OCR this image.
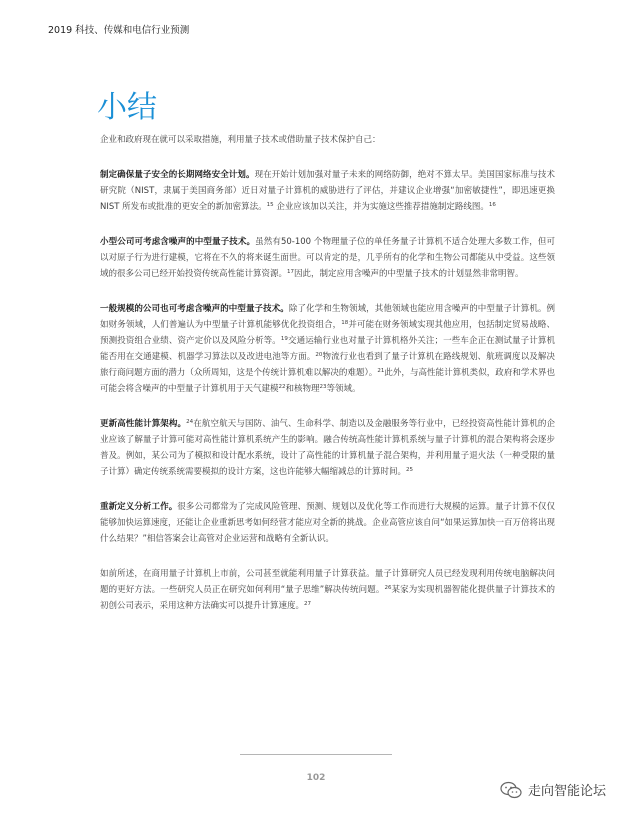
2019 科技、传媒和电信行业预测
小结

企业和政府现在就可以采取措施，利用量子技术或借助量子技术保护自己：

制定确保量子安全的长期网络安全计划。现在开始计划加强对量子未来的网络防御，绝对不算太早。美国国家标准与技术研究院（NIST，隶属于美国商务部）近日对量子计算机的威胁进行了评估，并建议企业增强“加密敏捷性”，即迅速更换 NIST 所发布或批准的更安全的新加密算法。$^{15}$ 企业应该加以关注，并为实施这些推荐措施制定路线图。$^{16}$

小型公司可考虑含噪声的中型量子技术。虽然有50-100 个物理量子位的单任务量子计算机不适合处理大多数工作，但可以对原子行为进行建模，它将在不久的将来诞生面世。可以肯定的是，几乎所有的化学和生物公司都能从中受益。这些领域的很多公司已经开始投资传统高性能计算资源。$^{17}$因此，制定应用含噪声的中型量子技术的计划显然非常明智。

一般规模的公司也可考虑含噪声的中型量子技术。除了化学和生物领域，其他领域也能应用含噪声的中型量子计算机。例如财务领域，人们普遍认为中型量子计算机能够优化投资组合，$^{18}$并可能在财务领域实现其他应用，包括制定贸易战略、预测投资组合业绩、资产定价以及风险分析等。$^{19}$交通运输行业也对量子计算机格外关注；一些车企正在测试量子计算机能否用在交通建模、机器学习算法以及改进电池等方面。$^{20}$物流行业也看到了量子计算机在路线规划、航班调度以及解决旅行商问题方面的潜力（众所周知，这是个传统计算机难以解决的难题）。$^{21}$此外，与高性能计算机类似，政府和学术界也可能会将含噪声的中型量子计算机用于天气建模$^{22}$和核物理$^{23}$等领域。

更新高性能计算架构。$^{24}$在航空航天与国防、油气、生命科学、制造以及金融服务等行业中，已经投资高性能计算机的企业应该了解量子计算可能对高性能计算机系统产生的影响。融合传统高性能计算机系统与量子计算机的混合架构将会逐步普及。例如，某公司为了模拟和设计配水系统，设计了高性能的计算机量子混合架构，并利用量子退火法（一种受限的量子计算）确定传统系统需要模拟的设计方案，这也许能够大幅缩减总的计算时间。$^{25}$

重新定义分析工作。很多公司都常为了完成风险管理、预测、规划以及优化等工作而进行大规模的运算。量子计算不仅仅能够加快运算速度，还能让企业重新思考如何经营才能应对全新的挑战。企业高管应该自问“如果运算加快一百万倍将出现什么结果？”相信答案会让高管对企业运营和战略有全新认识。

如前所述，在商用量子计算机上市前，公司甚至就能利用量子计算获益。量子计算研究人员已经发现利用传统电脑解决问题的更好方法。一些研究人员正在研究如何利用“量子思维”解决传统问题。$^{26}$某家为实现机器智能化提供量子计算技术的初创公司表示，采用这种方法确实可以提升计算速度。$^{27}$

102
走向智能论坛
